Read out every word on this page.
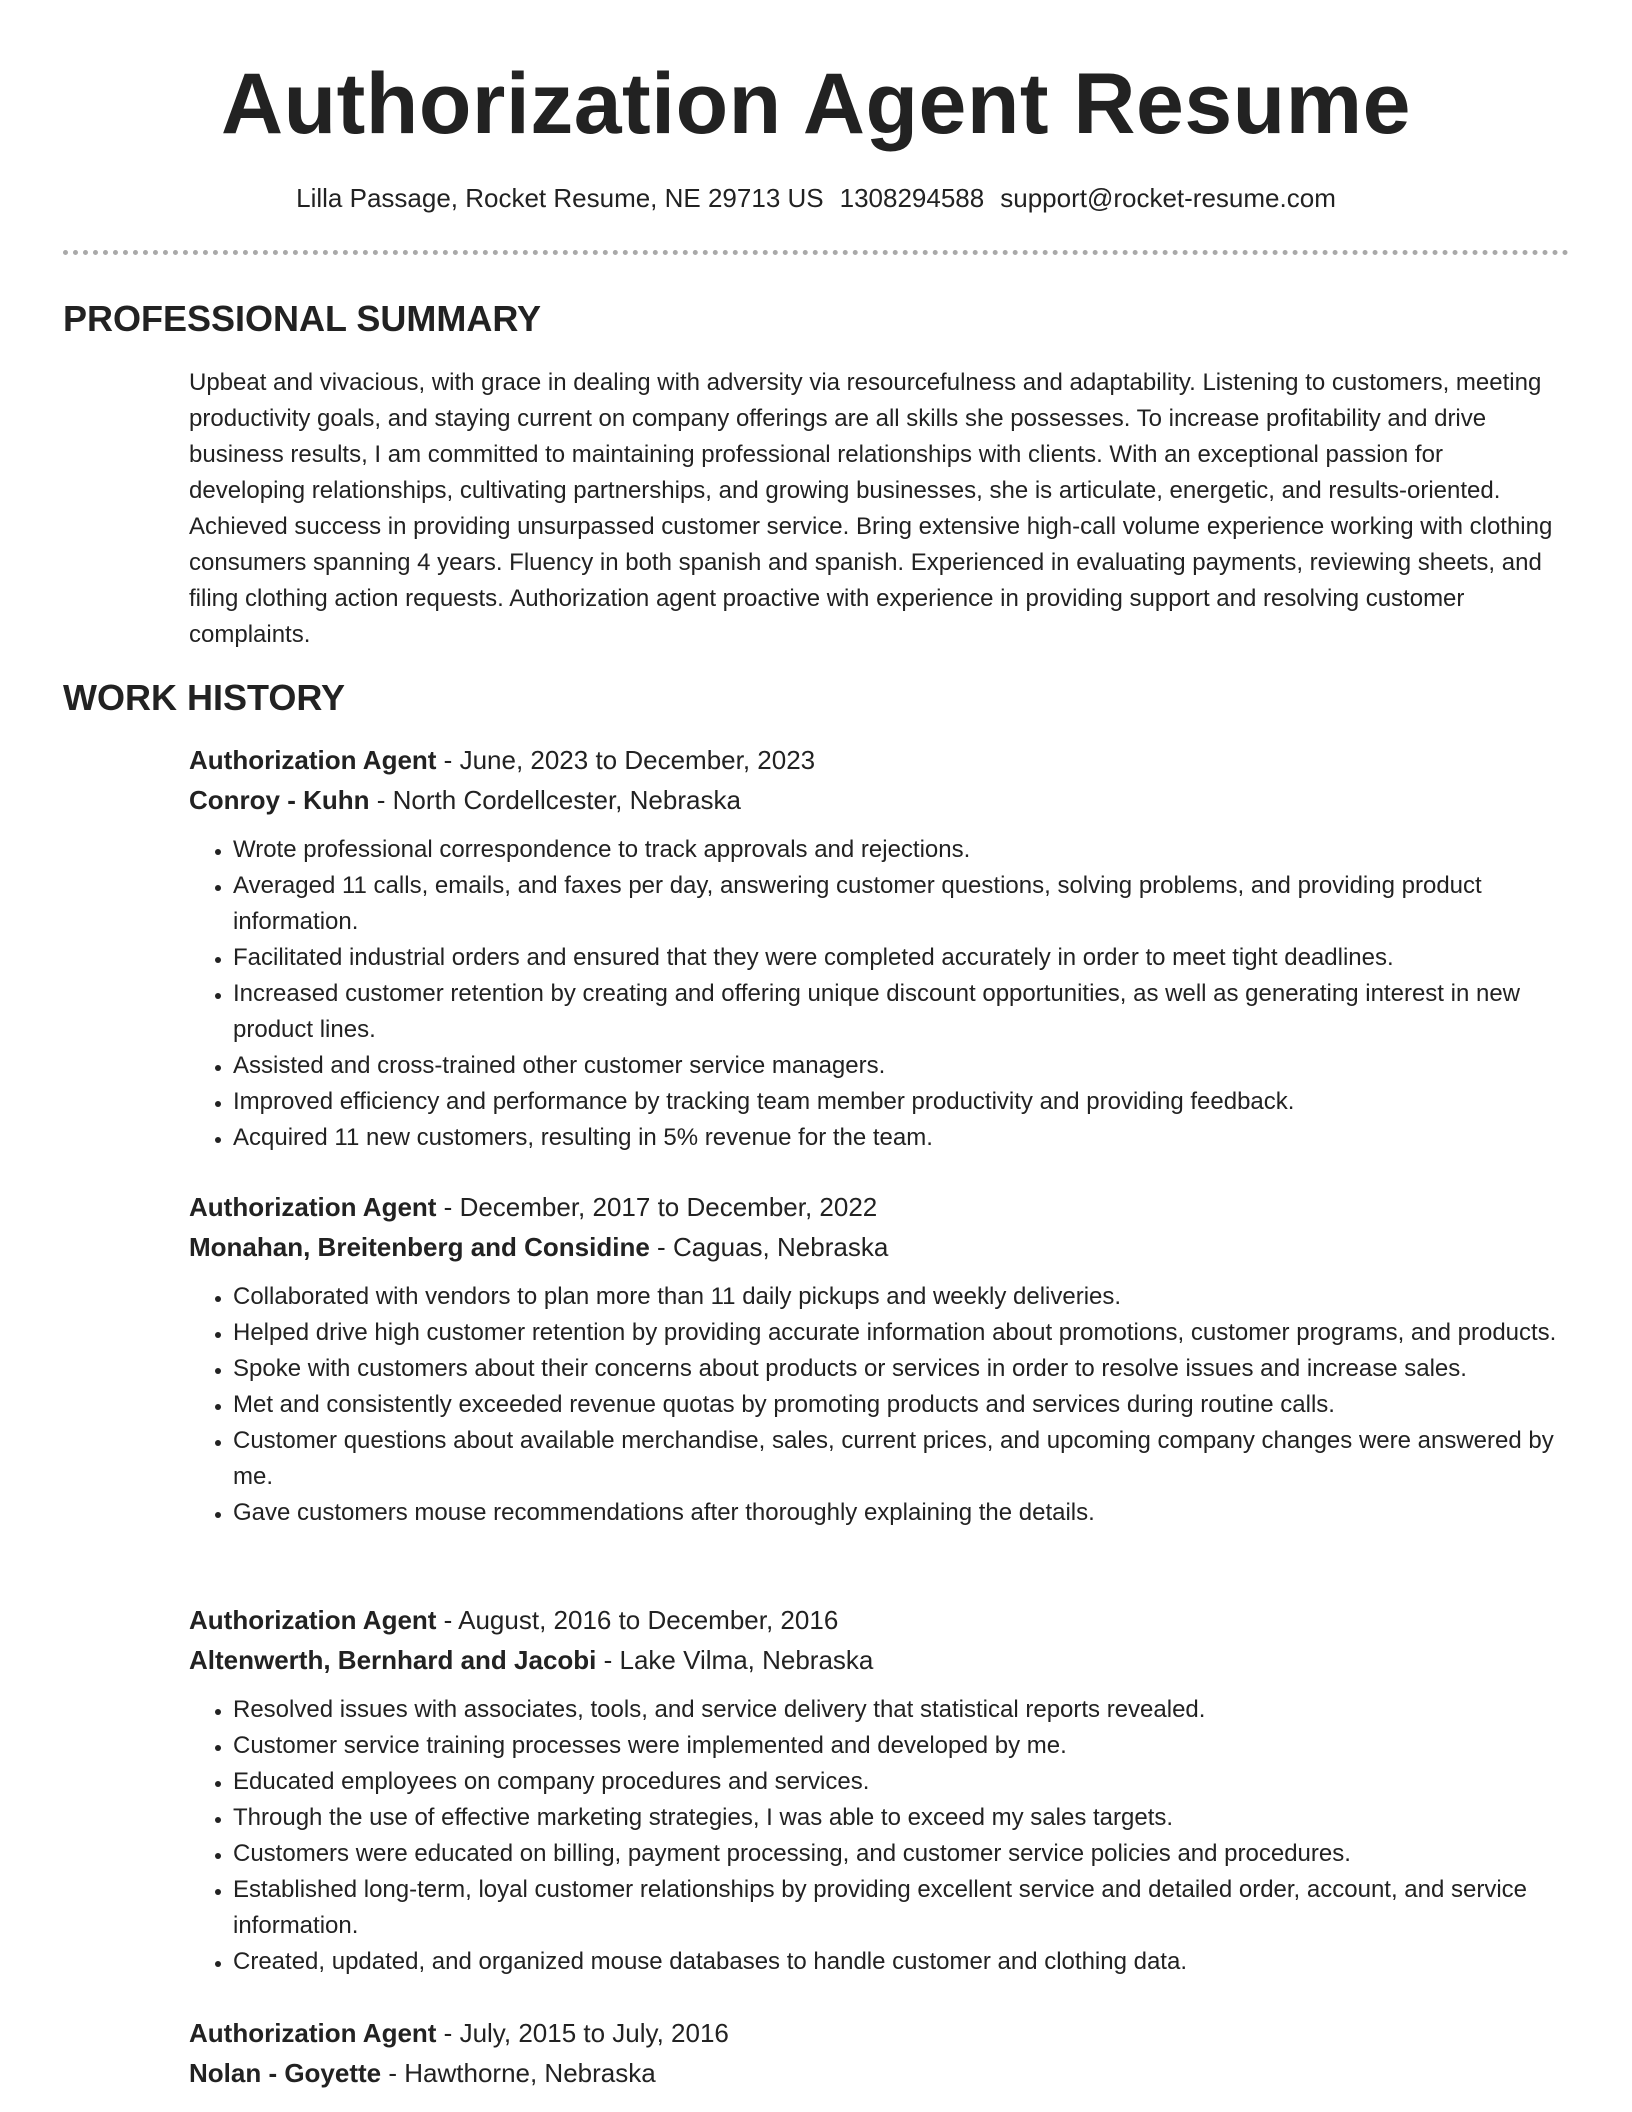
Authorization Agent Resume
Lilla Passage, Rocket Resume, NE 29713 US 1308294588 support@rocket-resume.com
PROFESSIONAL SUMMARY

Upbeat and vivacious, with grace in dealing with adversity via resourcefulness and adaptability. Listening to customers, meeting productivity goals, and staying current on company offerings are all skills she possesses. To increase profitability and drive business results, I am committed to maintaining professional relationships with clients. With an exceptional passion for developing relationships, cultivating partnerships, and growing businesses, she is articulate, energetic, and results-oriented. Achieved success in providing unsurpassed customer service. Bring extensive high-call volume experience working with clothing consumers spanning 4 years. Fluency in both spanish and spanish. Experienced in evaluating payments, reviewing sheets, and filing clothing action requests. Authorization agent proactive with experience in providing support and resolving customer complaints.

WORK HISTORY

Authorization Agent - June, 2023 to December, 2023

Conroy - Kuhn - North Cordellcester, Nebraska

• Wrote professional correspondence to track approvals and rejections.
• Averaged 11 calls, emails, and faxes per day, answering customer questions, solving problems, and providing product information.
• Facilitated industrial orders and ensured that they were completed accurately in order to meet tight deadlines.
• Increased customer retention by creating and offering unique discount opportunities, as well as generating interest in new product lines.
• Assisted and cross-trained other customer service managers.
• Improved efficiency and performance by tracking team member productivity and providing feedback.
• Acquired 11 new customers, resulting in 5% revenue for the team.

Authorization Agent - December, 2017 to December, 2022

Monahan, Breitenberg and Considine - Caguas, Nebraska

• Collaborated with vendors to plan more than 11 daily pickups and weekly deliveries.
• Helped drive high customer retention by providing accurate information about promotions, customer programs, and products.
• Spoke with customers about their concerns about products or services in order to resolve issues and increase sales.
• Met and consistently exceeded revenue quotas by promoting products and services during routine calls.
• Customer questions about available merchandise, sales, current prices, and upcoming company changes were answered by me.
• Gave customers mouse recommendations after thoroughly explaining the details.

Authorization Agent - August, 2016 to December, 2016

Altenwerth, Bernhard and Jacobi - Lake Vilma, Nebraska

• Resolved issues with associates, tools, and service delivery that statistical reports revealed.
• Customer service training processes were implemented and developed by me.
• Educated employees on company procedures and services.
• Through the use of effective marketing strategies, I was able to exceed my sales targets.
• Customers were educated on billing, payment processing, and customer service policies and procedures.
• Established long-term, loyal customer relationships by providing excellent service and detailed order, account, and service information.
• Created, updated, and organized mouse databases to handle customer and clothing data.

Authorization Agent - July, 2015 to July, 2016

Nolan - Goyette - Hawthorne, Nebraska
